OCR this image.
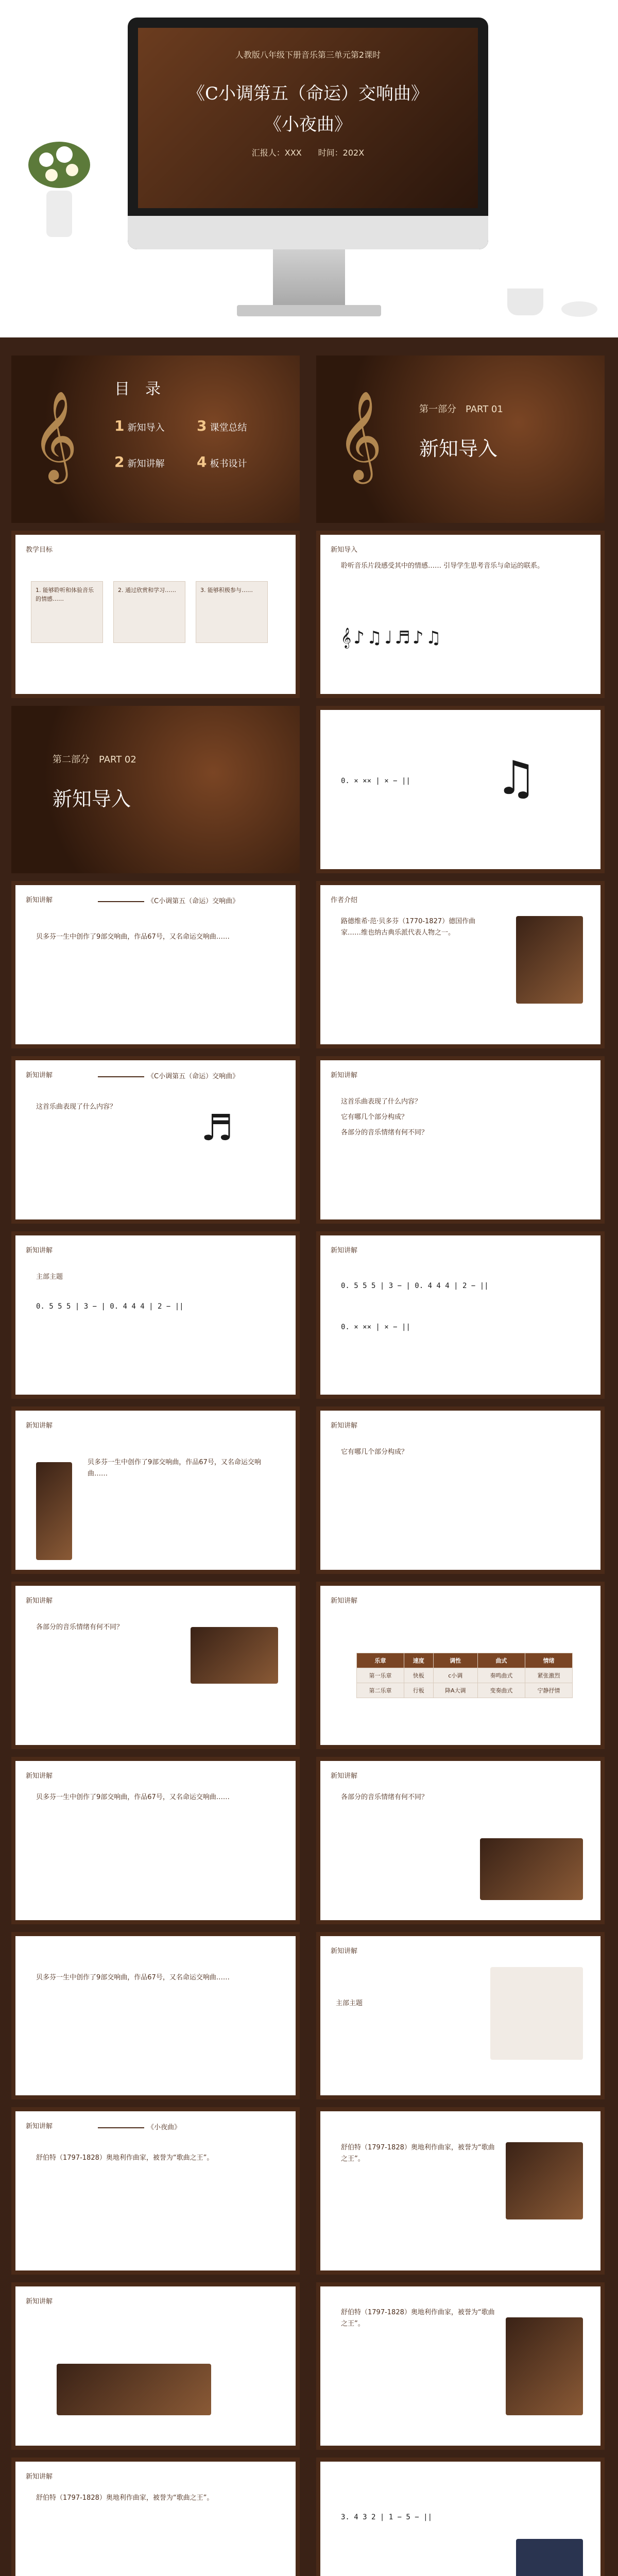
人教版八年级下册音乐第三单元第2课时
《C小调第五（命运）交响曲》
《小夜曲》
汇报人：XXX　　时间：202X
𝄞
目　录
1 新知导入 3 课堂总结
2 新知讲解 4 板书设计 𝄞	第一部分　PART 01
新知导入
教学目标
1. 能够聆听和体验音乐的情感……
2. 通过欣赏和学习……	3. 能够积极参与……
新知导入
聆听音乐片段感受其中的情感…… 引导学生思考音乐与命运的联系。
𝄞♪♫♩♬♪♫
第二部分　PART 02
新知导入
0. × ×× | × − || ♫
新知讲解	《C小调第五（命运）交响曲》
贝多芬一生中创作了9部交响曲，作品67号，又名命运交响曲……
作者介绍
路德维希·范·贝多芬（1770-1827）德国作曲家……维也纳古典乐派代表人物之一。
新知讲解	《C小调第五（命运）交响曲》
这首乐曲表现了什么内容？	♬
新知讲解
这首乐曲表现了什么内容？
它有哪几个部分构成？
各部分的音乐情绪有何不同？
新知讲解
主部主题
0. 5 5 5 | 3 − | 0. 4 4 4 | 2 − ||
新知讲解
0. 5 5 5 | 3 − | 0. 4 4 4 | 2 − ||
0. × ×× | × − ||
新知讲解
贝多芬一生中创作了9部交响曲，作品67号，又名命运交响曲……
新知讲解
它有哪几个部分构成？
新知讲解
各部分的音乐情绪有何不同？
新知讲解
乐章	速度	调性	曲式	情绪
第一乐章	快板	c小调	奏鸣曲式	紧张激烈
第二乐章	行板	降A大调	变奏曲式	宁静抒情
新知讲解
贝多芬一生中创作了9部交响曲，作品67号，又名命运交响曲……
新知讲解
各部分的音乐情绪有何不同？
贝多芬一生中创作了9部交响曲，作品67号，又名命运交响曲……
新知讲解
主部主题
新知讲解	《小夜曲》
舒伯特（1797-1828）奥地利作曲家，被誉为“歌曲之王”。
舒伯特（1797-1828）奥地利作曲家，被誉为“歌曲之王”。
新知讲解
舒伯特（1797-1828）奥地利作曲家，被誉为“歌曲之王”。
新知讲解
舒伯特（1797-1828）奥地利作曲家，被誉为“歌曲之王”。
3. 4 3 2 | 1 − 5 − ||
